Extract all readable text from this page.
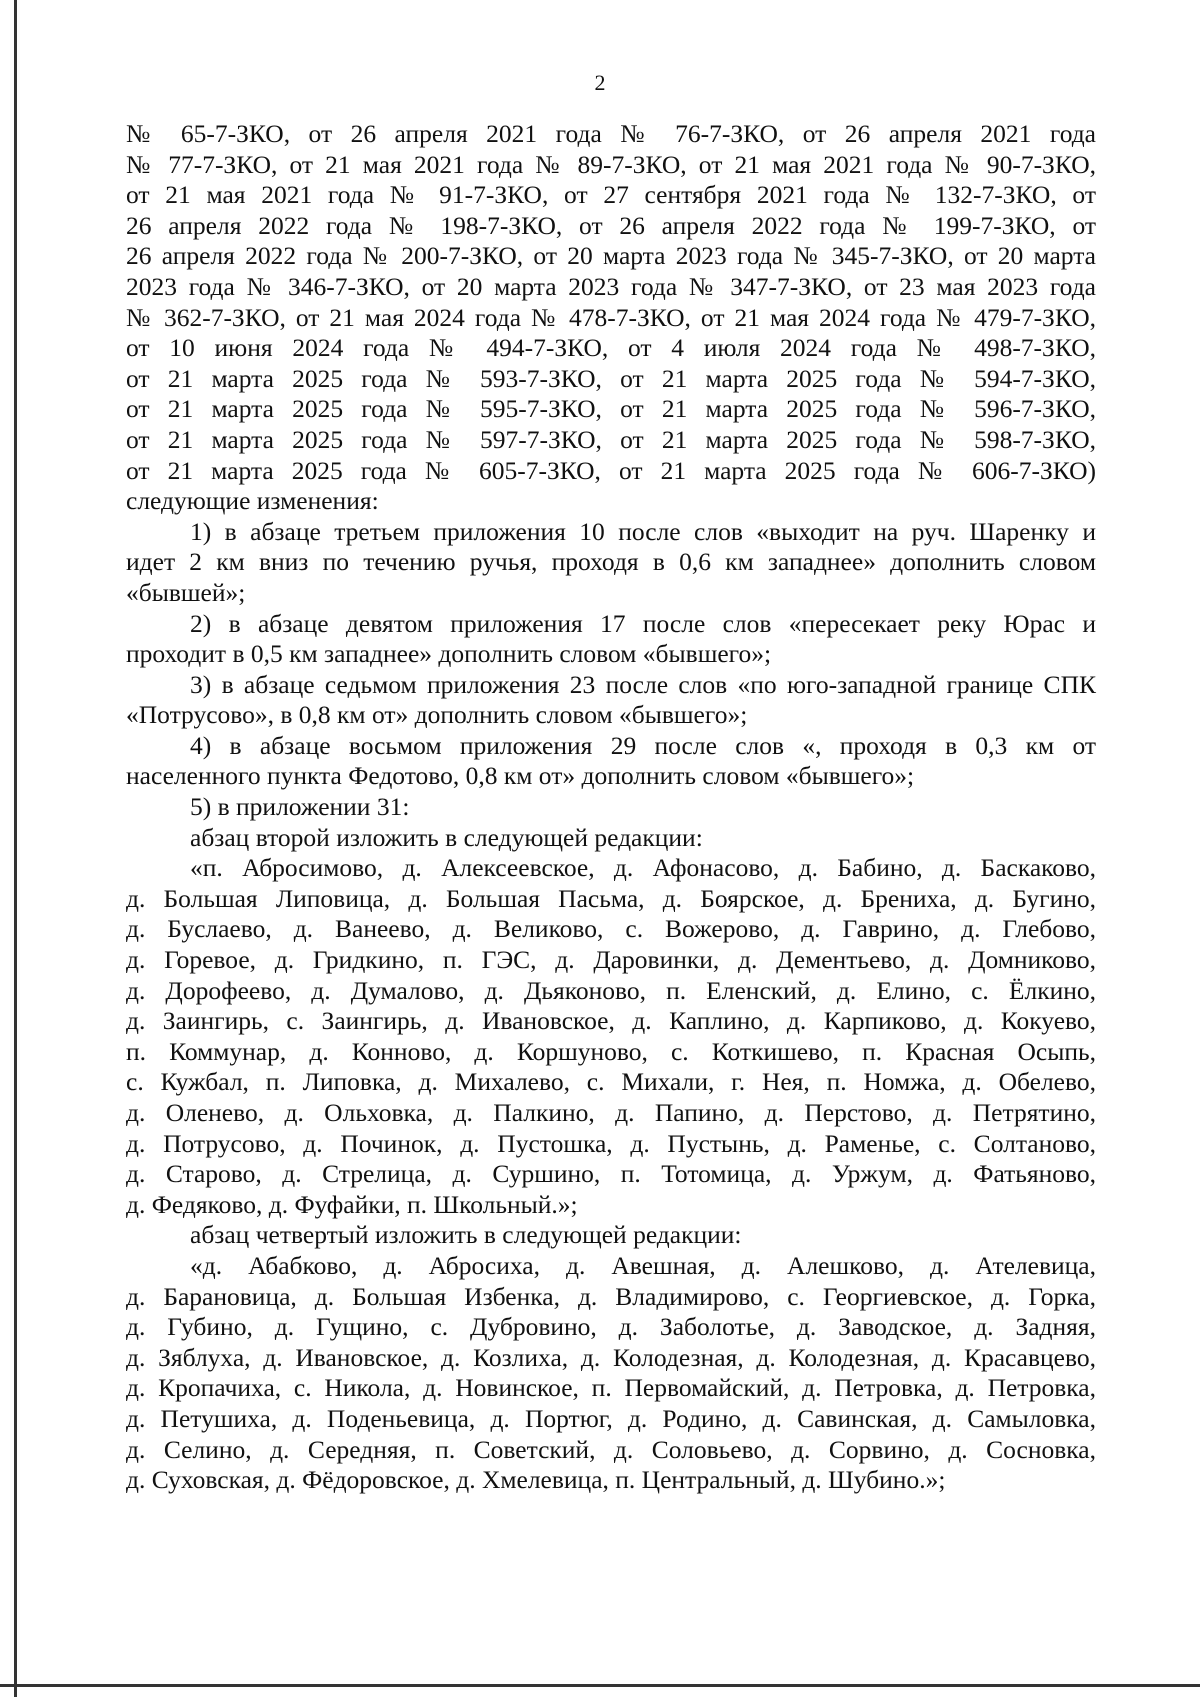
2

№ 65-7-ЗКО, от 26 апреля 2021 года № 76-7-ЗКО, от 26 апреля 2021 года

№ 77-7-ЗКО, от 21 мая 2021 года № 89-7-ЗКО, от 21 мая 2021 года № 90-7-ЗКО,

от 21 мая 2021 года № 91-7-ЗКО, от 27 сентября 2021 года № 132-7-ЗКО, от

26 апреля 2022 года № 198-7-ЗКО, от 26 апреля 2022 года № 199-7-ЗКО, от

26 апреля 2022 года № 200-7-ЗКО, от 20 марта 2023 года № 345-7-ЗКО, от 20 марта

2023 года № 346-7-ЗКО, от 20 марта 2023 года № 347-7-ЗКО, от 23 мая 2023 года

№ 362-7-ЗКО, от 21 мая 2024 года № 478-7-ЗКО, от 21 мая 2024 года № 479-7-ЗКО,

от 10 июня 2024 года № 494-7-ЗКО, от 4 июля 2024 года № 498-7-ЗКО,

от 21 марта 2025 года № 593-7-ЗКО, от 21 марта 2025 года № 594-7-ЗКО,

от 21 марта 2025 года № 595-7-ЗКО, от 21 марта 2025 года № 596-7-ЗКО,

от 21 марта 2025 года № 597-7-ЗКО, от 21 марта 2025 года № 598-7-ЗКО,

от 21 марта 2025 года № 605-7-ЗКО, от 21 марта 2025 года № 606-7-ЗКО)

следующие изменения:

1) в абзаце третьем приложения 10 после слов «выходит на руч. Шаренку и

идет 2 км вниз по течению ручья, проходя в 0,6 км западнее» дополнить словом

«бывшей»;

2) в абзаце девятом приложения 17 после слов «пересекает реку Юрас и

проходит в 0,5 км западнее» дополнить словом «бывшего»;

3) в абзаце седьмом приложения 23 после слов «по юго-западной границе СПК

«Потрусово», в 0,8 км от» дополнить словом «бывшего»;

4) в абзаце восьмом приложения 29 после слов «, проходя в 0,3 км от

населенного пункта Федотово, 0,8 км от» дополнить словом «бывшего»;

5) в приложении 31:

абзац второй изложить в следующей редакции:

«п. Абросимово, д. Алексеевское, д. Афонасово, д. Бабино, д. Баскаково,

д. Большая Липовица, д. Большая Пасьма, д. Боярское, д. Брениха, д. Бугино,

д. Буслаево, д. Ванеево, д. Великово, с. Вожерово, д. Гаврино, д. Глебово,

д. Горевое, д. Гридкино, п. ГЭС, д. Даровинки, д. Дементьево, д. Домниково,

д. Дорофеево, д. Думалово, д. Дьяконово, п. Еленский, д. Елино, с. Ёлкино,

д. Заингирь, с. Заингирь, д. Ивановское, д. Каплино, д. Карпиково, д. Кокуево,

п. Коммунар, д. Конново, д. Коршуново, с. Коткишево, п. Красная Осыпь,

с. Кужбал, п. Липовка, д. Михалево, с. Михали, г. Нея, п. Номжа, д. Обелево,

д. Оленево, д. Ольховка, д. Палкино, д. Папино, д. Перстово, д. Петрятино,

д. Потрусово, д. Починок, д. Пустошка, д. Пустынь, д. Раменье, с. Солтаново,

д. Старово, д. Стрелица, д. Суршино, п. Тотомица, д. Уржум, д. Фатьяново,

д. Федяково, д. Фуфайки, п. Школьный.»;

абзац четвертый изложить в следующей редакции:

«д. Абабково, д. Абросиха, д. Авешная, д. Алешково, д. Ателевица,

д. Барановица, д. Большая Избенка, д. Владимирово, с. Георгиевское, д. Горка,

д. Губино, д. Гущино, с. Дубровино, д. Заболотье, д. Заводское, д. Задняя,

д. Зяблуха, д. Ивановское, д. Козлиха, д. Колодезная, д. Колодезная, д. Красавцево,

д. Кропачиха, с. Никола, д. Новинское, п. Первомайский, д. Петровка, д. Петровка,

д. Петушиха, д. Поденьевица, д. Портюг, д. Родино, д. Савинская, д. Самыловка,

д. Селино, д. Середняя, п. Советский, д. Соловьево, д. Сорвино, д. Сосновка,

д. Суховская, д. Фёдоровское, д. Хмелевица, п. Центральный, д. Шубино.»;
